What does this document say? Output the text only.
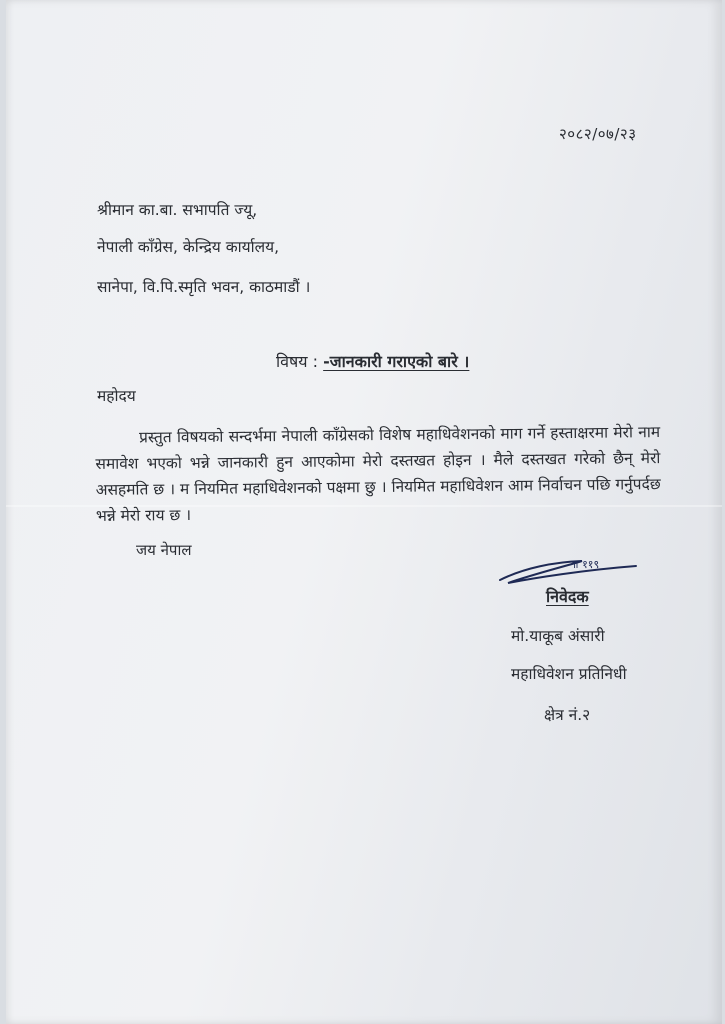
२०८२/०७/२३
श्रीमान का.बा. सभापति ज्यू,
नेपाली काँग्रेस, केन्द्रिय कार्यालय,
सानेपा, वि.पि.स्मृति भवन, काठमाडौं ।
विषय : -जानकारी गराएको बारे ।
महोदय
प्रस्तुत विषयको सन्दर्भमा नेपाली काँग्रेसको विशेष महाधिवेशनको माग गर्ने हस्ताक्षरमा मेरो नाम समावेश भएको भन्ने जानकारी हुन आएकोमा मेरो दस्तखत होइन । मैले दस्तखत गरेको छैन् मेरो असहमति छ । म नियमित महाधिवेशनको पक्षमा छु । नियमित महाधिवेशन आम निर्वाचन पछि गर्नुपर्दछ भन्ने मेरो राय छ ।
जय नेपाल
॥ ११९
निवेदक
मो.याकूब अंसारी
महाधिवेशन प्रतिनिधी
क्षेत्र नं.२
